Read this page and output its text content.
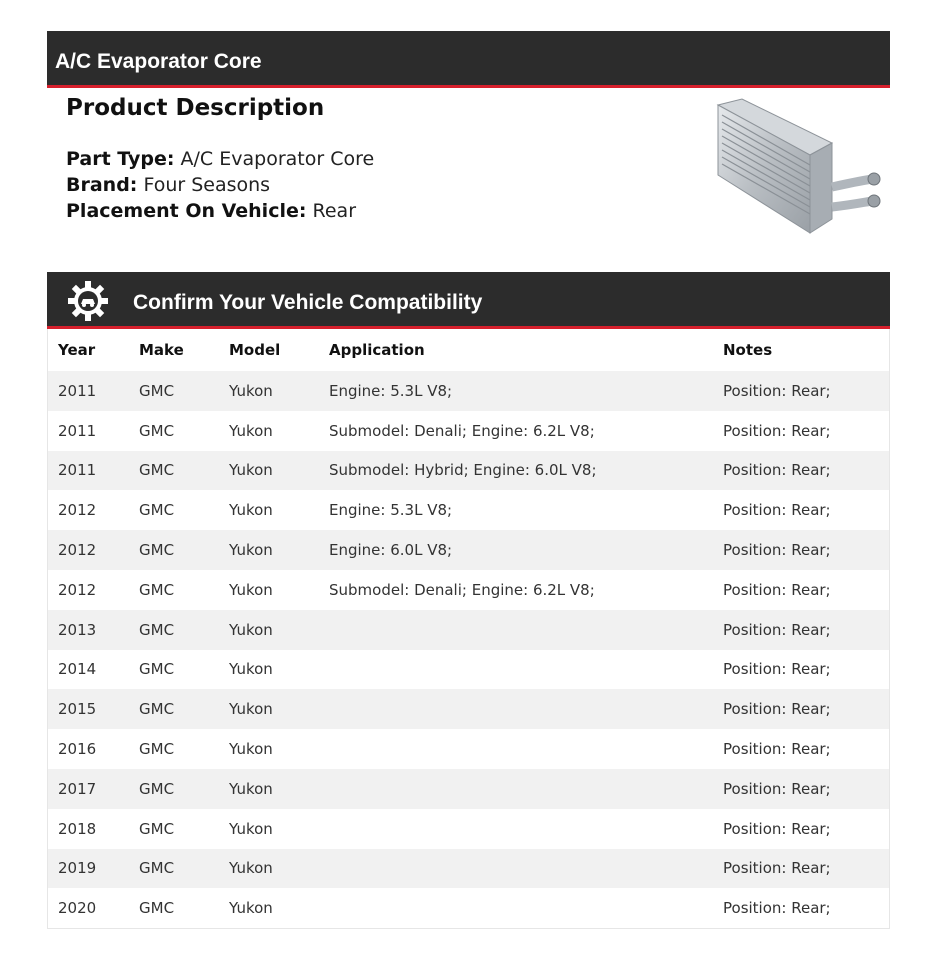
A/C Evaporator Core
Product Description
Part Type: A/C Evaporator Core
Brand: Four Seasons
Placement On Vehicle: Rear
Confirm Your Vehicle Compatibility
Year	Make	Model	Application	Notes
2011	GMC	Yukon	Engine: 5.3L V8;	Position: Rear;
2011	GMC	Yukon	Submodel: Denali; Engine: 6.2L V8;	Position: Rear;
2011	GMC	Yukon	Submodel: Hybrid; Engine: 6.0L V8;	Position: Rear;
2012	GMC	Yukon	Engine: 5.3L V8;	Position: Rear;
2012	GMC	Yukon	Engine: 6.0L V8;	Position: Rear;
2012	GMC	Yukon	Submodel: Denali; Engine: 6.2L V8;	Position: Rear;
2013	GMC	Yukon		Position: Rear;
2014	GMC	Yukon		Position: Rear;
2015	GMC	Yukon		Position: Rear;
2016	GMC	Yukon		Position: Rear;
2017	GMC	Yukon		Position: Rear;
2018	GMC	Yukon		Position: Rear;
2019	GMC	Yukon		Position: Rear;
2020	GMC	Yukon		Position: Rear;
